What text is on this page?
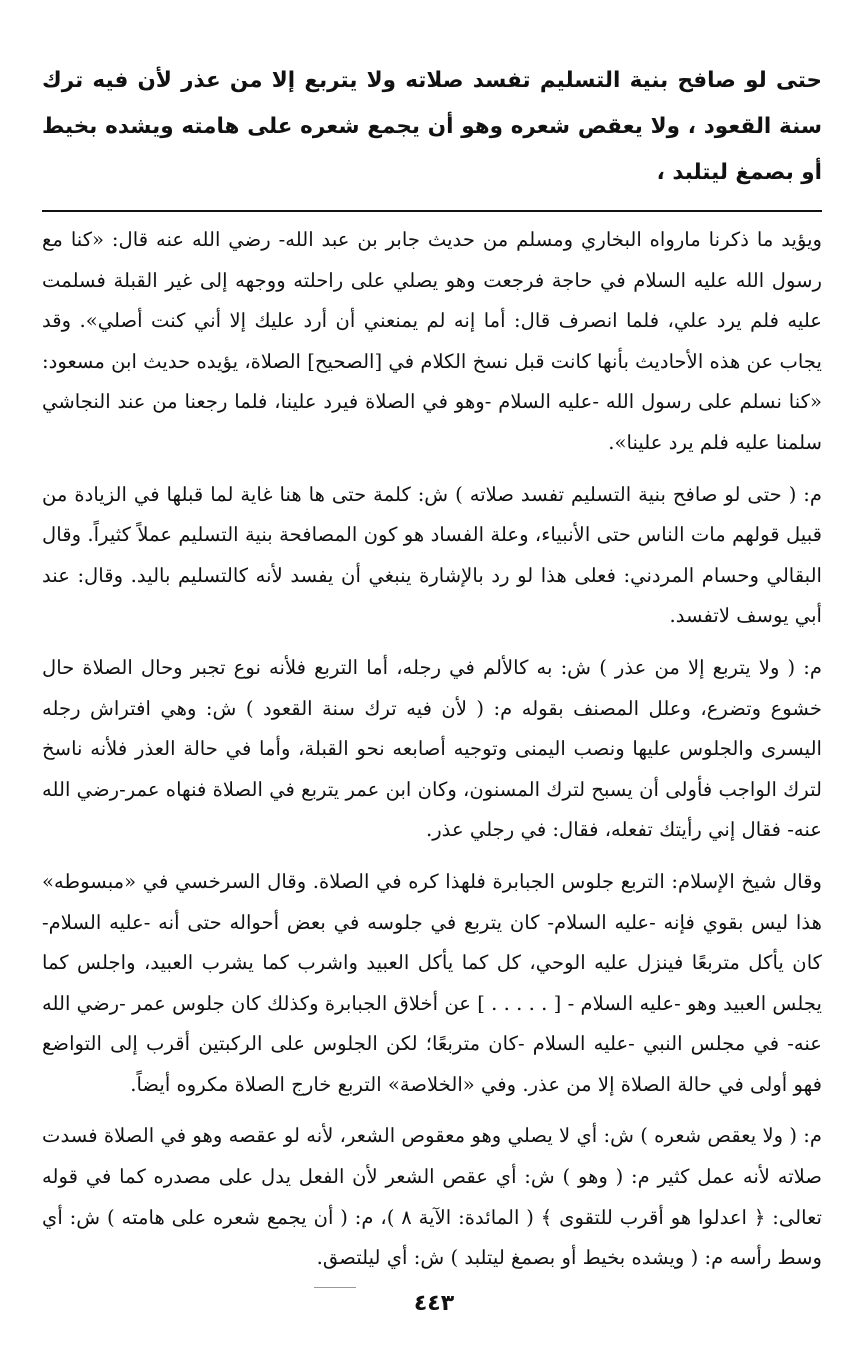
حتى لو صافح بنية التسليم تفسد صلاته ولا يتربع إلا من عذر لأن فيه ترك سنة القعود ، ولا يعقص شعره وهو أن يجمع شعره على هامته ويشده بخيط أو بصمغ ليتلبد ،

ويؤيد ما ذكرنا مارواه البخاري ومسلم من حديث جابر بن عبد الله- رضي الله عنه قال: «كنا مع رسول الله عليه السلام في حاجة فرجعت وهو يصلي على راحلته ووجهه إلى غير القبلة فسلمت عليه فلم يرد علي، فلما انصرف قال: أما إنه لم يمنعني أن أرد عليك إلا أني كنت أصلي». وقد يجاب عن هذه الأحاديث بأنها كانت قبل نسخ الكلام في [الصحيح] الصلاة، يؤيده حديث ابن مسعود: «كنا نسلم على رسول الله -عليه السلام -وهو في الصلاة فيرد علينا، فلما رجعنا من عند النجاشي سلمنا عليه فلم يرد علينا».

م: ( حتى لو صافح بنية التسليم تفسد صلاته ) ش: كلمة حتى ها هنا غاية لما قبلها في الزيادة من قبيل قولهم مات الناس حتى الأنبياء، وعلة الفساد هو كون المصافحة بنية التسليم عملاً كثيراً. وقال البقالي وحسام المردني: فعلى هذا لو رد بالإشارة ينبغي أن يفسد لأنه كالتسليم باليد. وقال: عند أبي يوسف لاتفسد.

م: ( ولا يتربع إلا من عذر ) ش: به كالألم في رجله، أما التربع فلأنه نوع تجبر وحال الصلاة حال خشوع وتضرع، وعلل المصنف بقوله م: ( لأن فيه ترك سنة القعود ) ش: وهي افتراش رجله اليسرى والجلوس عليها ونصب اليمنى وتوجيه أصابعه نحو القبلة، وأما في حالة العذر فلأنه ناسخ لترك الواجب فأولى أن يسبح لترك المسنون، وكان ابن عمر يتربع في الصلاة فنهاه عمر-رضي الله عنه- فقال إني رأيتك تفعله، فقال: في رجلي عذر.

وقال شيخ الإسلام: التربع جلوس الجبابرة فلهذا كره في الصلاة. وقال السرخسي في «مبسوطه» هذا ليس بقوي فإنه -عليه السلام- كان يتربع في جلوسه في بعض أحواله حتى أنه -عليه السلام- كان يأكل متربعًا فينزل عليه الوحي، كل كما يأكل العبيد واشرب كما يشرب العبيد، واجلس كما يجلس العبيد وهو -عليه السلام - [ . . . . . ] عن أخلاق الجبابرة وكذلك كان جلوس عمر -رضي الله عنه- في مجلس النبي -عليه السلام -كان متربعًا؛ لكن الجلوس على الركبتين أقرب إلى التواضع فهو أولى في حالة الصلاة إلا من عذر. وفي «الخلاصة» التربع خارج الصلاة مكروه أيضاً.

م: ( ولا يعقص شعره ) ش: أي لا يصلي وهو معقوص الشعر، لأنه لو عقصه وهو في الصلاة فسدت صلاته لأنه عمل كثير م: ( وهو ) ش: أي عقص الشعر لأن الفعل يدل على مصدره كما في قوله تعالى: ﴿ اعدلوا هو أقرب للتقوى ﴾ ( المائدة: الآية ٨ )، م: ( أن يجمع شعره على هامته ) ش: أي وسط رأسه م: ( ويشده بخيط أو بصمغ ليتلبد ) ش: أي ليلتصق.

٤٤٣
